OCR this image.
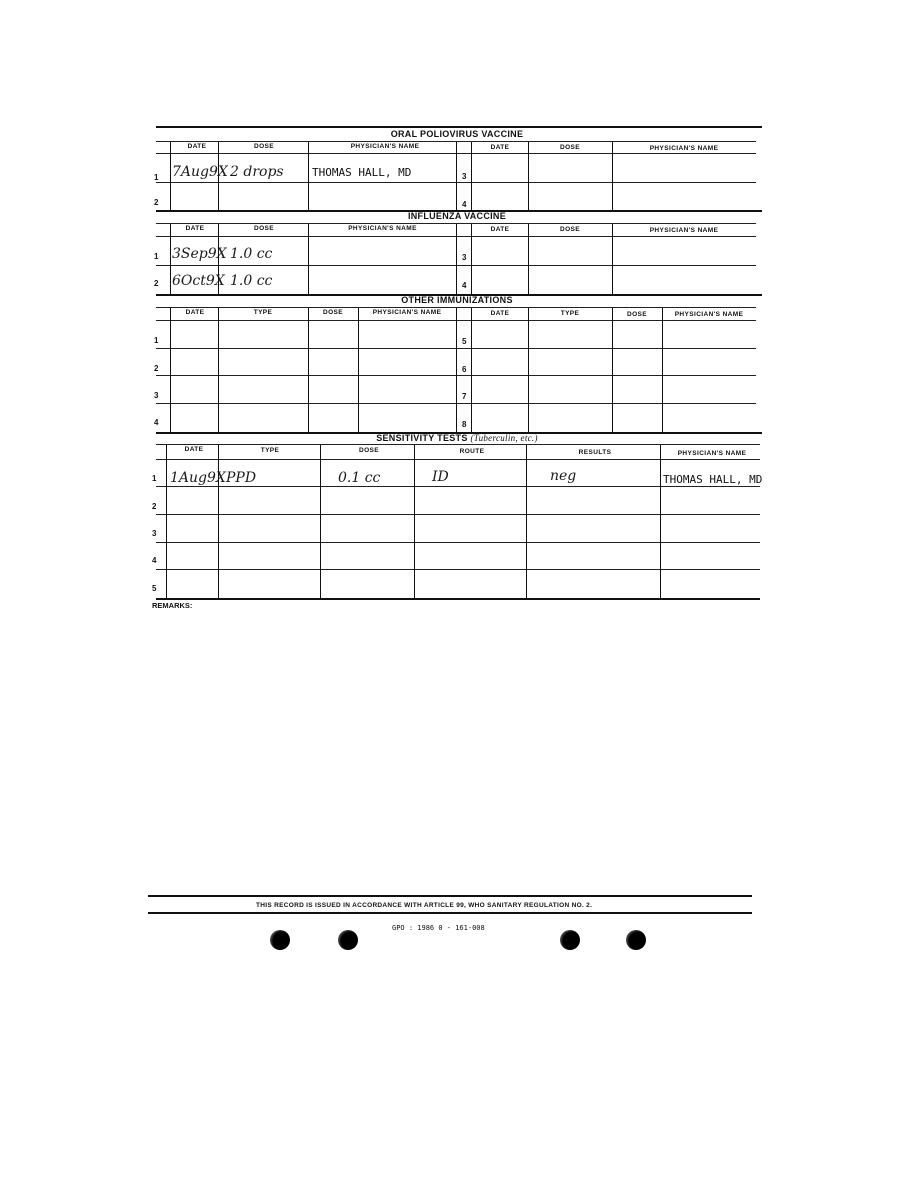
ORAL POLIOVIRUS VACCINE
DATE	DOSE	PHYSICIAN'S NAME	DATE	DOSE	PHYSICIAN'S NAME
1 7Aug9X 2 drops	THOMAS HALL, MD
2
3
4
INFLUENZA VACCINE
DATE	DOSE	PHYSICIAN'S NAME	DATE	DOSE	PHYSICIAN'S NAME
1 3Sep9X 1.0 cc
2 6Oct9X 1.0 cc
3
4
OTHER IMMUNIZATIONS
DATE	TYPE	DOSE	PHYSICIAN'S NAME	DATE	TYPE	DOSE	PHYSICIAN'S NAME
1
2
3
4
5
6
7
8
SENSITIVITY TESTS (Tuberculin, etc.)
DATE	TYPE	DOSE	ROUTE	RESULTS	PHYSICIAN'S NAME
1 1Aug9X PPD	0.1 cc	ID	neg	THOMAS HALL, MD
2
3
4
5
REMARKS:
THIS RECORD IS ISSUED IN ACCORDANCE WITH ARTICLE 99, WHO SANITARY REGULATION NO. 2.
GPO : 1986 0 - 161-008
